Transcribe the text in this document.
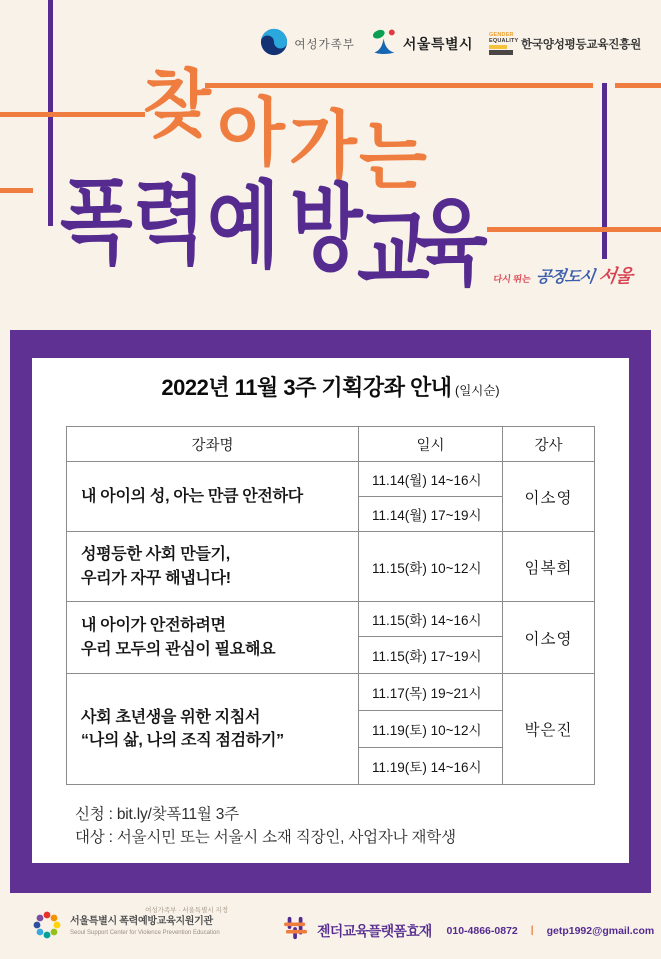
여성가족부	서울특별시
GENDER
EQUALITY 한국양성평등교육진흥원
찾 아 가 는
폭 력 예 방
교
육 다시 뛰는 공정도시 서울
2022년 11월 3주 기획강좌 안내 (일시순)
강좌명	일시	강사

내 아이의 성, 아는 만큼 안전하다	11.14(월) 14~16시	이소영
	11.14(월) 17~19시	

성평등한 사회 만들기,
우리가 자꾸 해냅니다!	11.15(화) 10~12시	임복희

내 아이가 안전하려면
우리 모두의 관심이 필요해요	11.15(화) 14~16시	이소영
	11.15(화) 17~19시	

사회 초년생을 위한 지침서
“나의 삶, 나의 조직 점검하기”	11.17(목) 19~21시	박은진
	11.19(토) 10~12시	
	11.19(토) 14~16시	
신청 : bit.ly/찾폭11월 3주
대상 : 서울시민 또는 서울시 소재 직장인, 사업자나 재학생
여성가족부 · 서울특별시 지정
서울특별시 폭력예방교육지원기관
Seoul Support Center for Violence Prevention Education	젠더교육플랫폼효재 010-4866-0872 | getp1992@gmail.com
